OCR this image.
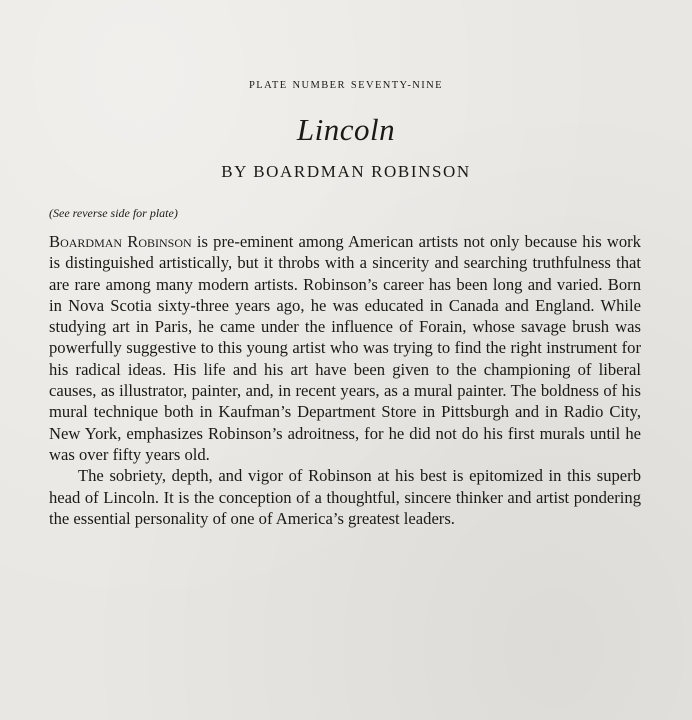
PLATE NUMBER SEVENTY-NINE
Lincoln
BY BOARDMAN ROBINSON
(See reverse side for plate)

Boardman Robinson is pre-eminent among American artists not only because his work is distinguished artistically, but it throbs with a sincerity and searching truthfulness that are rare among many modern artists. Robinson’s career has been long and varied. Born in Nova Scotia sixty-three years ago, he was educated in Canada and England. While studying art in Paris, he came under the influence of Forain, whose savage brush was powerfully suggestive to this young artist who was trying to find the right instrument for his radical ideas. His life and his art have been given to the championing of liberal causes, as illustrator, painter, and, in recent years, as a mural painter. The boldness of his mural technique both in Kaufman’s Department Store in Pittsburgh and in Radio City, New York, emphasizes Robinson’s adroitness, for he did not do his first murals until he was over fifty years old.

The sobriety, depth, and vigor of Robinson at his best is epitomized in this superb head of Lincoln. It is the conception of a thoughtful, sincere thinker and artist pondering the essential personality of one of America’s greatest leaders.
